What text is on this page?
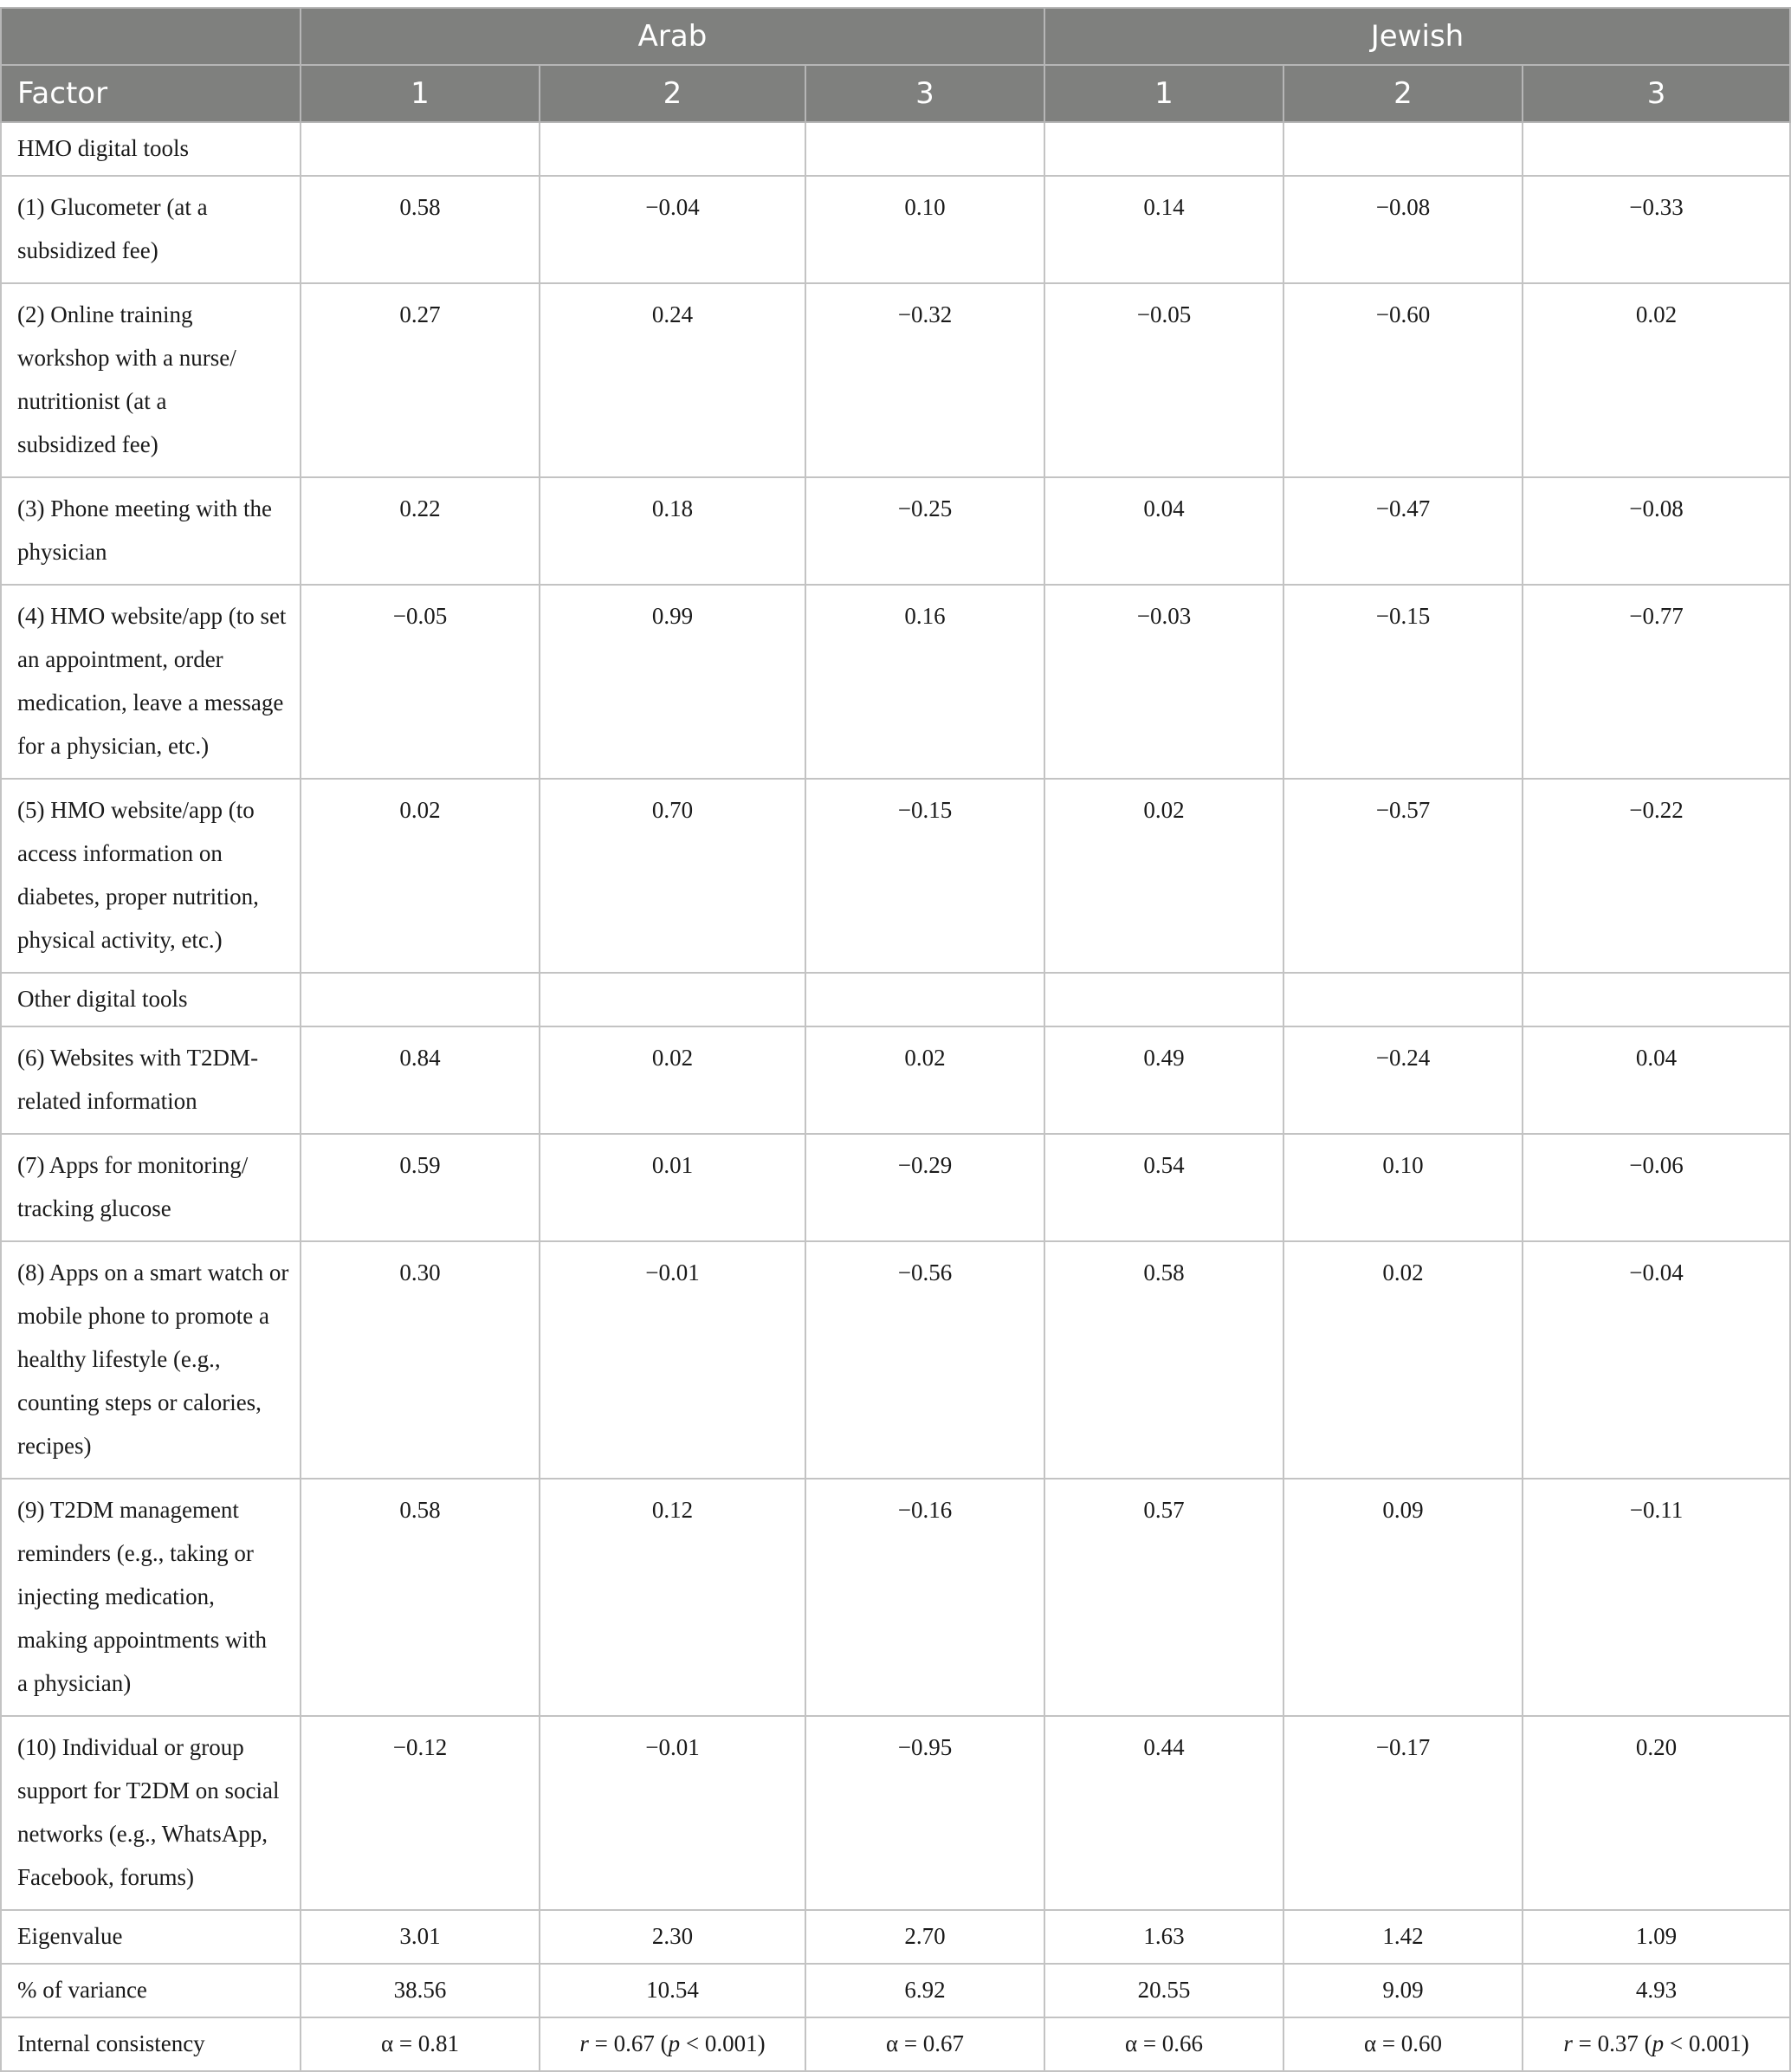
	Arab			Jewish		
Factor	1	2	3	1	2	3
HMO digital tools						
(1) Glucometer (at a subsidized fee)	0.58	−0.04	0.10	0.14	−0.08	−0.33
(2) Online training workshop with a nurse/ nutritionist (at a subsidized fee)	0.27	0.24	−0.32	−0.05	−0.60	0.02
(3) Phone meeting with the physician	0.22	0.18	−0.25	0.04	−0.47	−0.08
(4) HMO website/app (to set an appointment, order medication, leave a message for a physician, etc.)	−0.05	0.99	0.16	−0.03	−0.15	−0.77
(5) HMO website/app (to access information on diabetes, proper nutrition, physical activity, etc.)	0.02	0.70	−0.15	0.02	−0.57	−0.22
Other digital tools						
(6) Websites with T2DM-related information	0.84	0.02	0.02	0.49	−0.24	0.04
(7) Apps for monitoring/ tracking glucose	0.59	0.01	−0.29	0.54	0.10	−0.06
(8) Apps on a smart watch or mobile phone to promote a healthy lifestyle (e.g., counting steps or calories, recipes)	0.30	−0.01	−0.56	0.58	0.02	−0.04
(9) T2DM management reminders (e.g., taking or injecting medication, making appointments with a physician)	0.58	0.12	−0.16	0.57	0.09	−0.11
(10) Individual or group support for T2DM on social networks (e.g., WhatsApp, Facebook, forums)	−0.12	−0.01	−0.95	0.44	−0.17	0.20
Eigenvalue	3.01	2.30	2.70	1.63	1.42	1.09
% of variance	38.56	10.54	6.92	20.55	9.09	4.93
Internal consistency	α = 0.81	r = 0.67 (p < 0.001)	α = 0.67	α = 0.66	α = 0.60	r = 0.37 (p < 0.001)
